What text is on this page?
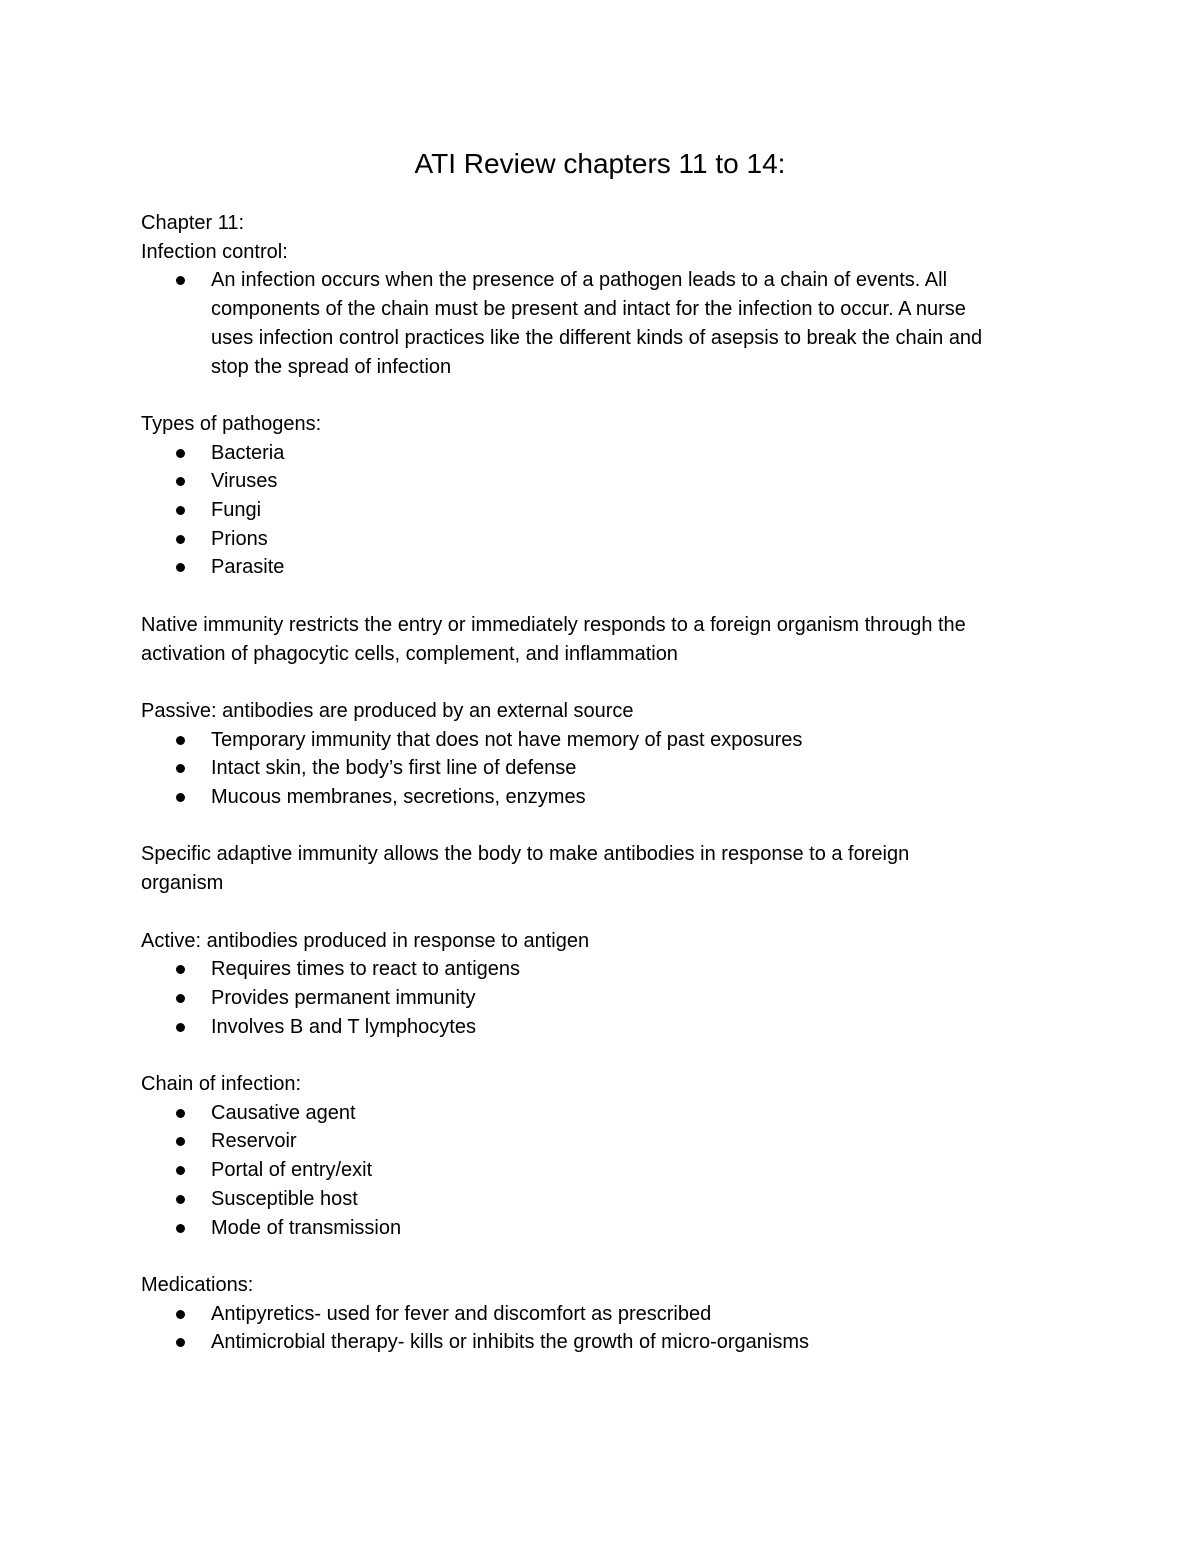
ATI Review chapters 11 to 14:

Chapter 11:

Infection control:

An infection occurs when the presence of a pathogen leads to a chain of events. All
components of the chain must be present and intact for the infection to occur. A nurse
uses infection control practices like the different kinds of asepsis to break the chain and
stop the spread of infection

Types of pathogens:

Bacteria
Viruses
Fungi
Prions
Parasite

Native immunity restricts the entry or immediately responds to a foreign organism through the

activation of phagocytic cells, complement, and inflammation

Passive: antibodies are produced by an external source

Temporary immunity that does not have memory of past exposures
Intact skin, the body’s first line of defense
Mucous membranes, secretions, enzymes

Specific adaptive immunity allows the body to make antibodies in response to a foreign

organism

Active: antibodies produced in response to antigen

Requires times to react to antigens
Provides permanent immunity
Involves B and T lymphocytes

Chain of infection:

Causative agent
Reservoir
Portal of entry/exit
Susceptible host
Mode of transmission

Medications:

Antipyretics- used for fever and discomfort as prescribed
Antimicrobial therapy- kills or inhibits the growth of micro-organisms
